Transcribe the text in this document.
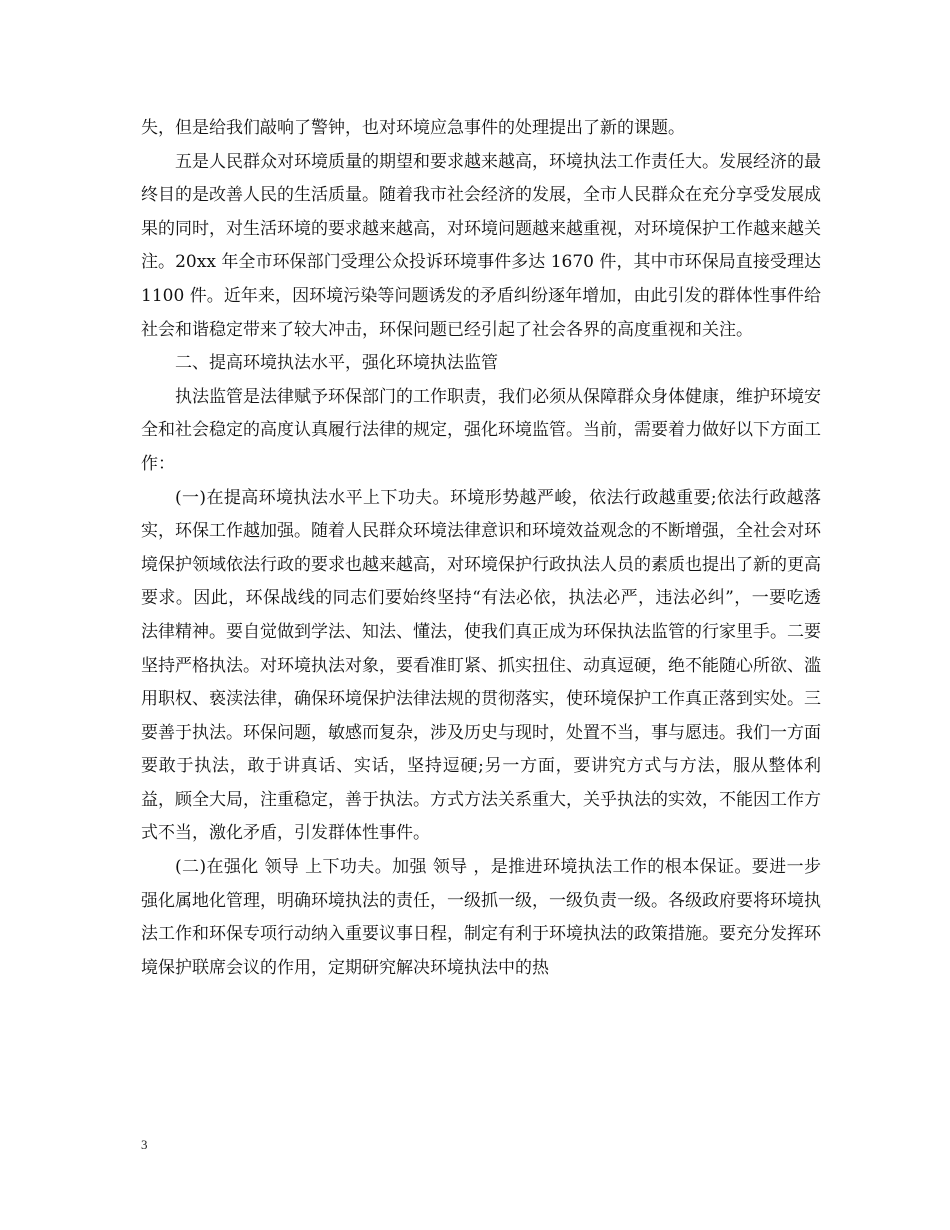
失，但是给我们敲响了警钟，也对环境应急事件的处理提出了新的课题。

五是人民群众对环境质量的期望和要求越来越高，环境执法工作责任大。发展经济的最终目的是改善人民的生活质量。随着我市社会经济的发展，全市人民群众在充分享受发展成果的同时，对生活环境的要求越来越高，对环境问题越来越重视，对环境保护工作越来越关注。20xx 年全市环保部门受理公众投诉环境事件多达 1670 件，其中市环保局直接受理达 1100 件。近年来，因环境污染等问题诱发的矛盾纠纷逐年增加，由此引发的群体性事件给社会和谐稳定带来了较大冲击，环保问题已经引起了社会各界的高度重视和关注。

二、提高环境执法水平，强化环境执法监管

执法监管是法律赋予环保部门的工作职责，我们必须从保障群众身体健康，维护环境安全和社会稳定的高度认真履行法律的规定，强化环境监管。当前，需要着力做好以下方面工作：

(一)在提高环境执法水平上下功夫。环境形势越严峻，依法行政越重要;依法行政越落实，环保工作越加强。随着人民群众环境法律意识和环境效益观念的不断增强，全社会对环境保护领域依法行政的要求也越来越高，对环境保护行政执法人员的素质也提出了新的更高要求。因此，环保战线的同志们要始终坚持“有法必依，执法必严，违法必纠”，一要吃透法律精神。要自觉做到学法、知法、懂法，使我们真正成为环保执法监管的行家里手。二要坚持严格执法。对环境执法对象，要看准盯紧、抓实扭住、动真逗硬，绝不能随心所欲、滥用职权、亵渎法律，确保环境保护法律法规的贯彻落实，使环境保护工作真正落到实处。三要善于执法。环保问题，敏感而复杂，涉及历史与现时，处置不当，事与愿违。我们一方面要敢于执法，敢于讲真话、实话，坚持逗硬;另一方面，要讲究方式与方法，服从整体利益，顾全大局，注重稳定，善于执法。方式方法关系重大，关乎执法的实效，不能因工作方式不当，激化矛盾，引发群体性事件。

(二)在强化 领导 上下功夫。加强 领导 ，是推进环境执法工作的根本保证。要进一步强化属地化管理，明确环境执法的责任，一级抓一级，一级负责一级。各级政府要将环境执法工作和环保专项行动纳入重要议事日程，制定有利于环境执法的政策措施。要充分发挥环境保护联席会议的作用，定期研究解决环境执法中的热

3
